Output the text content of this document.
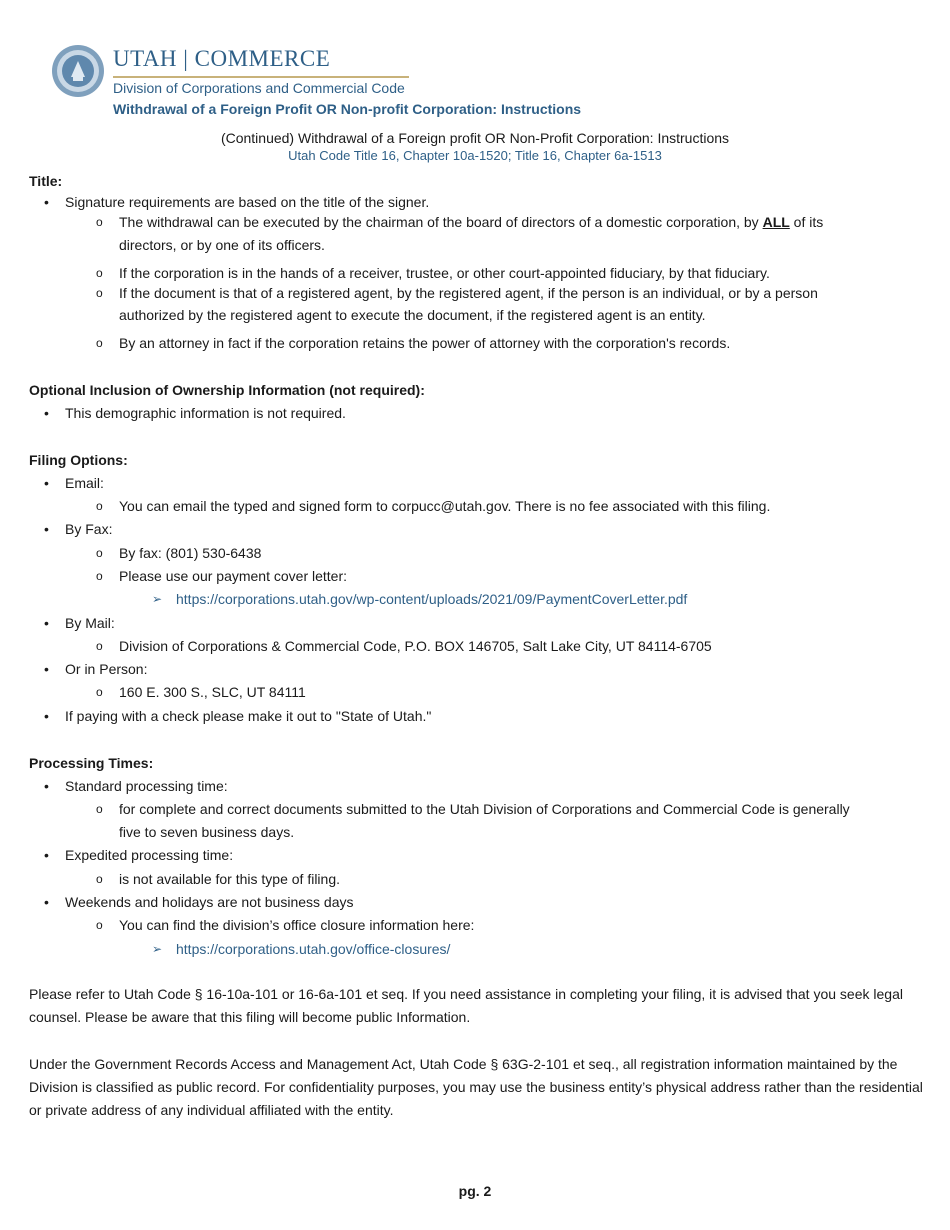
UTAH | COMMERCE
Division of Corporations and Commercial Code
Withdrawal of a Foreign Profit OR Non-profit Corporation: Instructions
(Continued) Withdrawal of a Foreign profit OR Non-Profit Corporation: Instructions
Utah Code Title 16, Chapter 10a-1520; Title 16, Chapter 6a-1513
Title:
• Signature requirements are based on the title of the signer.
o The withdrawal can be executed by the chairman of the board of directors of a domestic corporation, by ALL of its
directors, or by one of its officers.
o If the corporation is in the hands of a receiver, trustee, or other court-appointed fiduciary, by that fiduciary.
o If the document is that of a registered agent, by the registered agent, if the person is an individual, or by a person
authorized by the registered agent to execute the document, if the registered agent is an entity.
o By an attorney in fact if the corporation retains the power of attorney with the corporation's records.
Optional Inclusion of Ownership Information (not required):
• This demographic information is not required.
Filing Options:
• Email:
o You can email the typed and signed form to corpucc@utah.gov. There is no fee associated with this filing.
• By Fax:
o By fax: (801) 530-6438
o Please use our payment cover letter:
➢ https://corporations.utah.gov/wp-content/uploads/2021/09/PaymentCoverLetter.pdf
• By Mail:
o Division of Corporations & Commercial Code, P.O. BOX 146705, Salt Lake City, UT 84114-6705
• Or in Person:
o 160 E. 300 S., SLC, UT 84111
• If paying with a check please make it out to "State of Utah."
Processing Times:
• Standard processing time:
o for complete and correct documents submitted to the Utah Division of Corporations and Commercial Code is generally
five to seven business days.
• Expedited processing time:
o is not available for this type of filing.
• Weekends and holidays are not business days
o You can find the division’s office closure information here:
➢ https://corporations.utah.gov/office-closures/
Please refer to Utah Code § 16-10a-101 or 16-6a-101 et seq. If you need assistance in completing your filing, it is advised that you seek legal counsel. Please be aware that this filing will become public Information.
Under the Government Records Access and Management Act, Utah Code § 63G-2-101 et seq., all registration information maintained by the Division is classified as public record. For confidentiality purposes, you may use the business entity’s physical address rather than the residential or private address of any individual affiliated with the entity.
pg. 2
